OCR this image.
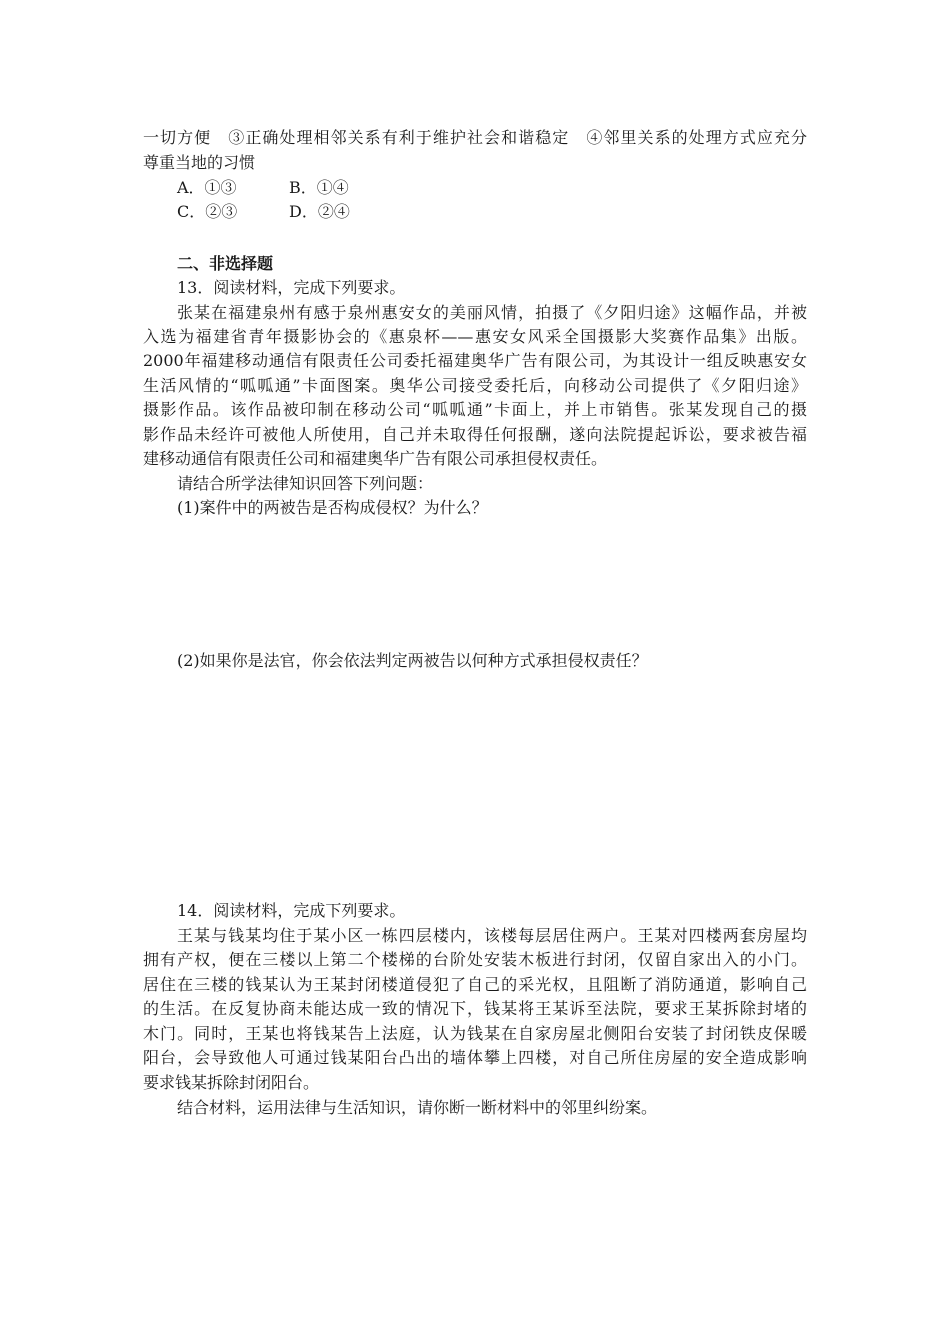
一切方便　③正确处理相邻关系有利于维护社会和谐稳定　④邻里关系的处理方式应充分
尊重当地的习惯
A．①③	B．①④
C．②③	D．②④
二、非选择题
13．阅读材料，完成下列要求。
张某在福建泉州有感于泉州惠安女的美丽风情，拍摄了《夕阳归途》这幅作品，并被
入选为福建省青年摄影协会的《惠泉杯——惠安女风采全国摄影大奖赛作品集》出版。
2000年福建移动通信有限责任公司委托福建奥华广告有限公司，为其设计一组反映惠安女
生活风情的“呱呱通”卡面图案。奥华公司接受委托后，向移动公司提供了《夕阳归途》
摄影作品。该作品被印制在移动公司“呱呱通”卡面上，并上市销售。张某发现自己的摄
影作品未经许可被他人所使用，自己并未取得任何报酬，遂向法院提起诉讼，要求被告福
建移动通信有限责任公司和福建奥华广告有限公司承担侵权责任。
请结合所学法律知识回答下列问题：
(1)案件中的两被告是否构成侵权？为什么？
(2)如果你是法官，你会依法判定两被告以何种方式承担侵权责任？
14．阅读材料，完成下列要求。
王某与钱某均住于某小区一栋四层楼内，该楼每层居住两户。王某对四楼两套房屋均
拥有产权，便在三楼以上第二个楼梯的台阶处安装木板进行封闭，仅留自家出入的小门。
居住在三楼的钱某认为王某封闭楼道侵犯了自己的采光权，且阻断了消防通道，影响自己
的生活。在反复协商未能达成一致的情况下，钱某将王某诉至法院，要求王某拆除封堵的
木门。同时，王某也将钱某告上法庭，认为钱某在自家房屋北侧阳台安装了封闭铁皮保暖
阳台，会导致他人可通过钱某阳台凸出的墙体攀上四楼，对自己所住房屋的安全造成影响
要求钱某拆除封闭阳台。
结合材料，运用法律与生活知识，请你断一断材料中的邻里纠纷案。
